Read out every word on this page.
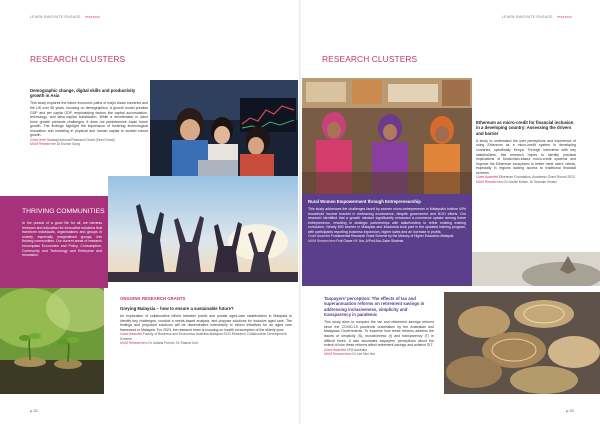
LEARN INNOVATE ENGAGE research
RESEARCH CLUSTERS
Demographic change, digital skills and productivity growth in Asia
This study explores the future economic paths of major Asian countries and the US over 50 years, focusing on demographics. A growth model predicts GDP and per capita GDP, emphasising factors like capital accumulation, technology, and labor-capital substitution. While a deceleration in labor force growth presents challenges, it does not predetermine Asian future growth. The findings highlight the importance of fostering technological innovation and investing in physical and human capital to sustain robust growth.
Grant level Sunway Internal Research Grant (Seed Grant)
MUM Researcher Dr Eunice Song
THRIVING COMMUNITIES
In the pursuit of a good life for all, we harness research and education for innovative solutions that transform individuals, organisations and groups in society, especially marginalised groups, into thriving communities. Our current areas of research encompass Economics and Policy, Consumption, Community and Technology and Enterprise and Innovation.
ONGOING RESEARCH GRANTS
Greying Malaysia – how to ensure a sustainable future?
An exploration of collaborative efforts between public and private aged-care stakeholders in Malaysia to identify key challenges, conduct a needs-based analysis, and propose solutions for inclusive aged care. The findings and proposed solutions will be disseminated extensively to inform initiatives for an aged care framework in Malaysia. For 2023, the research team is focusing on health consumption of the elderly poor.
Grant Awarded Faculty of Business and Economics Australia-Malaysia 2023 Research Collaboration Development Scheme
MUM Researchers Dr Juliana French, Dr Sharon Koh
p.32
LEARN INNOVATE ENGAGE research
RESEARCH CLUSTERS
Ethereum as micro-credit for financial inclusion in a developing country: Assessing the drivers and barrier
A study to understand the user perceptions and experience of using Ethereum as a micro-credit system in developing countries, specifically Kenya. Through interviews with key stakeholders, this research hopes to identify practical implications of blockchain-based micro-credit systems and improve the Ethereum ecosystem to better meet users' needs, especially in regions lacking access to traditional financial services.
Grant Awarded Ethereum Foundation, Academic Grant Round 2023
MUM Researchers Dr Archie Kelvin, Dr Shamim Khater
Rural Women Empowerment through Entrepreneurship
This study addresses the challenges faced by women micro-entrepreneurs in Malaysia's bottom 40% household income bracket in embracing ecommerce, despite government and NGO efforts. Our research identified that a growth mindset significantly enhanced e-commerce uptake among these entrepreneurs, resulting in strategic partnerships with stakeholders to refine existing training curriculum. Nearly 500 women in Malaysia and Indonesia took part in the updated training program, with participants reporting business expansion, higher sales and an increase in profits.
Grant Awarded Fundamental Research Grant Scheme by the Ministry of Higher Education Malaysia
MUM Researchers Prof Grace HY Lim, A/Prof Abu Zafar Shahriar
Taxpayers' perception: The effects of tax and superannuation reforms on retirement savings in addressing inclusiveness, simplicity and transparency in pandemic
This study aims to compare the tax and retirement savings reforms since the COVID-19 pandemic undertaken by the Australian and Malaysian Governments. To examine how these reforms address the issues of simplicity (S), inclusiveness (I) and transparency (T) in difficult times. It also elucidates taxpayers' perceptions about the extent of how these reforms affect retirement savings and achieve SIT.
Grant Awarded CPA Australia
MUM Researchers Dr Lee Mei Yee
p.33
